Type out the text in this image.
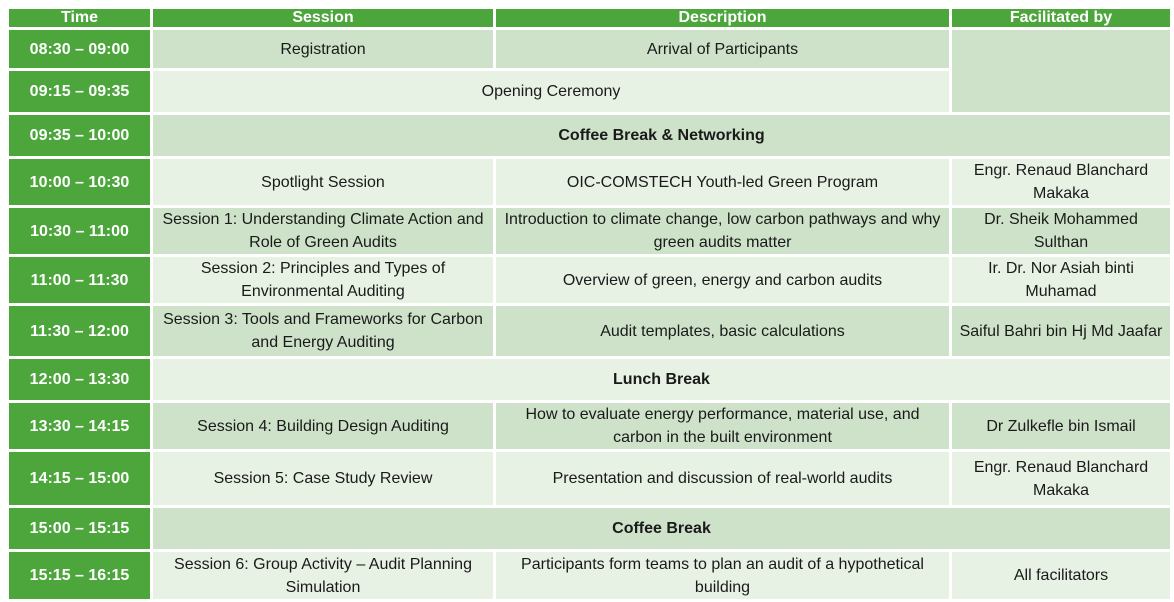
Time	Session	Description	Facilitated by
08:30 – 09:00	Registration	Arrival of Participants	
09:15 – 09:35	Opening Ceremony		
09:35 – 10:00	Coffee Break & Networking		
10:00 – 10:30	Spotlight Session	OIC-COMSTECH Youth-led Green Program	Engr. Renaud Blanchard Makaka
10:30 – 11:00	Session 1: Understanding Climate Action and Role of Green Audits	Introduction to climate change, low carbon pathways and why green audits matter	Dr. Sheik Mohammed Sulthan
11:00 – 11:30	Session 2: Principles and Types of Environmental Auditing	Overview of green, energy and carbon audits	Ir. Dr. Nor Asiah binti Muhamad
11:30 – 12:00	Session 3: Tools and Frameworks for Carbon and Energy Auditing	Audit templates, basic calculations	Saiful Bahri bin Hj Md Jaafar
12:00 – 13:30	Lunch Break		
13:30 – 14:15	Session 4: Building Design Auditing	How to evaluate energy performance, material use, and carbon in the built environment	Dr Zulkefle bin Ismail
14:15 – 15:00	Session 5: Case Study Review	Presentation and discussion of real-world audits	Engr. Renaud Blanchard Makaka
15:00 – 15:15	Coffee Break		
15:15 – 16:15	Session 6: Group Activity – Audit Planning Simulation	Participants form teams to plan an audit of a hypothetical building	All facilitators
